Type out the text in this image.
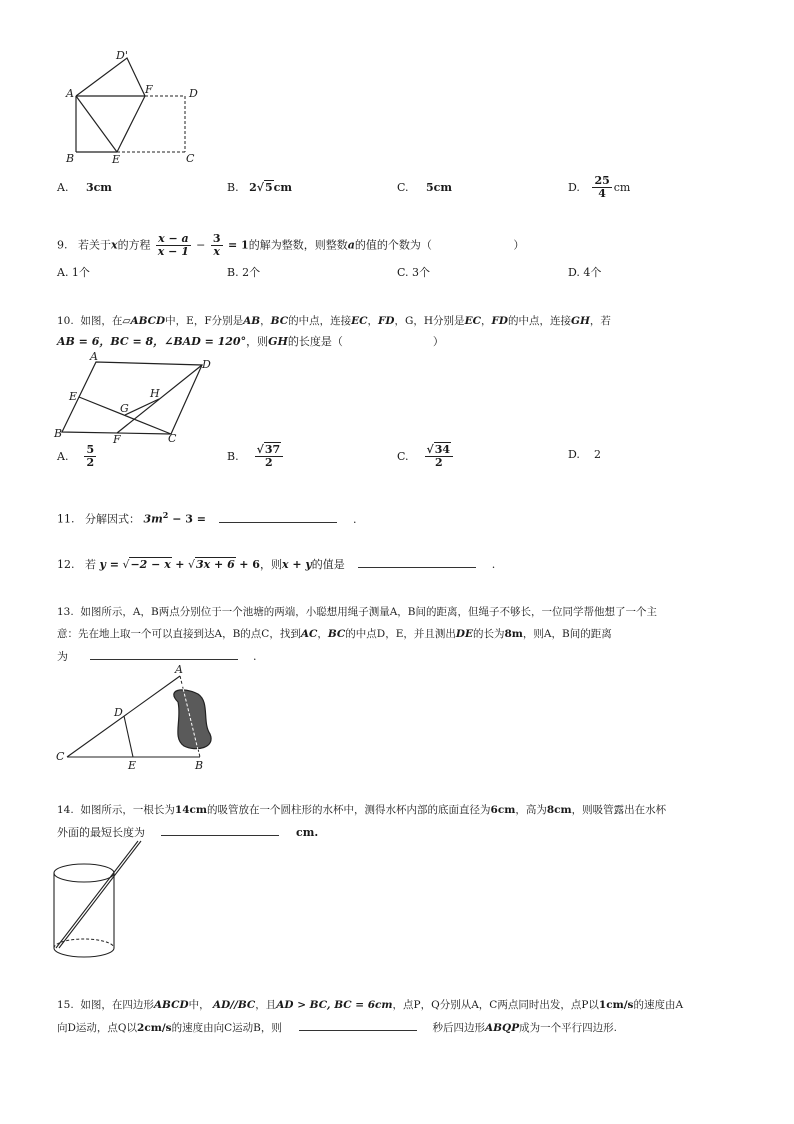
A
D'
F	D
B	E	C
A. 3cm	B. 2√5cm	C. 5cm	D. $\frac{25}{4}$ cm
9. 若关于x的方程 $\frac{x - a}{x - 1} - \frac{3}{x} = 1$的解为整数，则整数a的值的个数为（	）
A. 1个	B. 2个	C. 3个	D. 4个
10. 如图，在▱ABCD中，E，F分别是AB，BC的中点，连接EC，FD，G，H分别是EC，FD的中点，连接GH，若
AB = 6，BC = 8，∠BAD = 120°，则GH的长度是（	）
A
D
E	H
G
B	F	C
A. $\frac{5}{2}$	B. $\frac{√37}{2}$	C. $\frac{√34}{2}$	D. 2
11. 分解因式： $3m^2 - 3$ =	.
12. 若 y = √−2 − x + √3x + 6 + 6，则x + y的值是	.
13. 如图所示，A，B两点分别位于一个池塘的两端，小聪想用绳子测量A，B间的距离，但绳子不够长，一位同学帮他想了一个主
意：先在地上取一个可以直接到达A，B的点C，找到AC，BC的中点D，E，并且测出DE的长为8m，则A，B间的距离
为	.
A
D
C
E	B
14. 如图所示，一根长为14cm的吸管放在一个圆柱形的水杯中，测得水杯内部的底面直径为6cm，高为8cm，则吸管露出在水杯
外面的最短长度为	cm.
15. 如图，在四边形ABCD中， AD//BC，且AD > BC, BC = 6cm，点P，Q分别从A，C两点同时出发，点P以1cm/s的速度由A
向D运动，点Q以2cm/s的速度由向C运动B，则	秒后四边形ABQP成为一个平行四边形.
